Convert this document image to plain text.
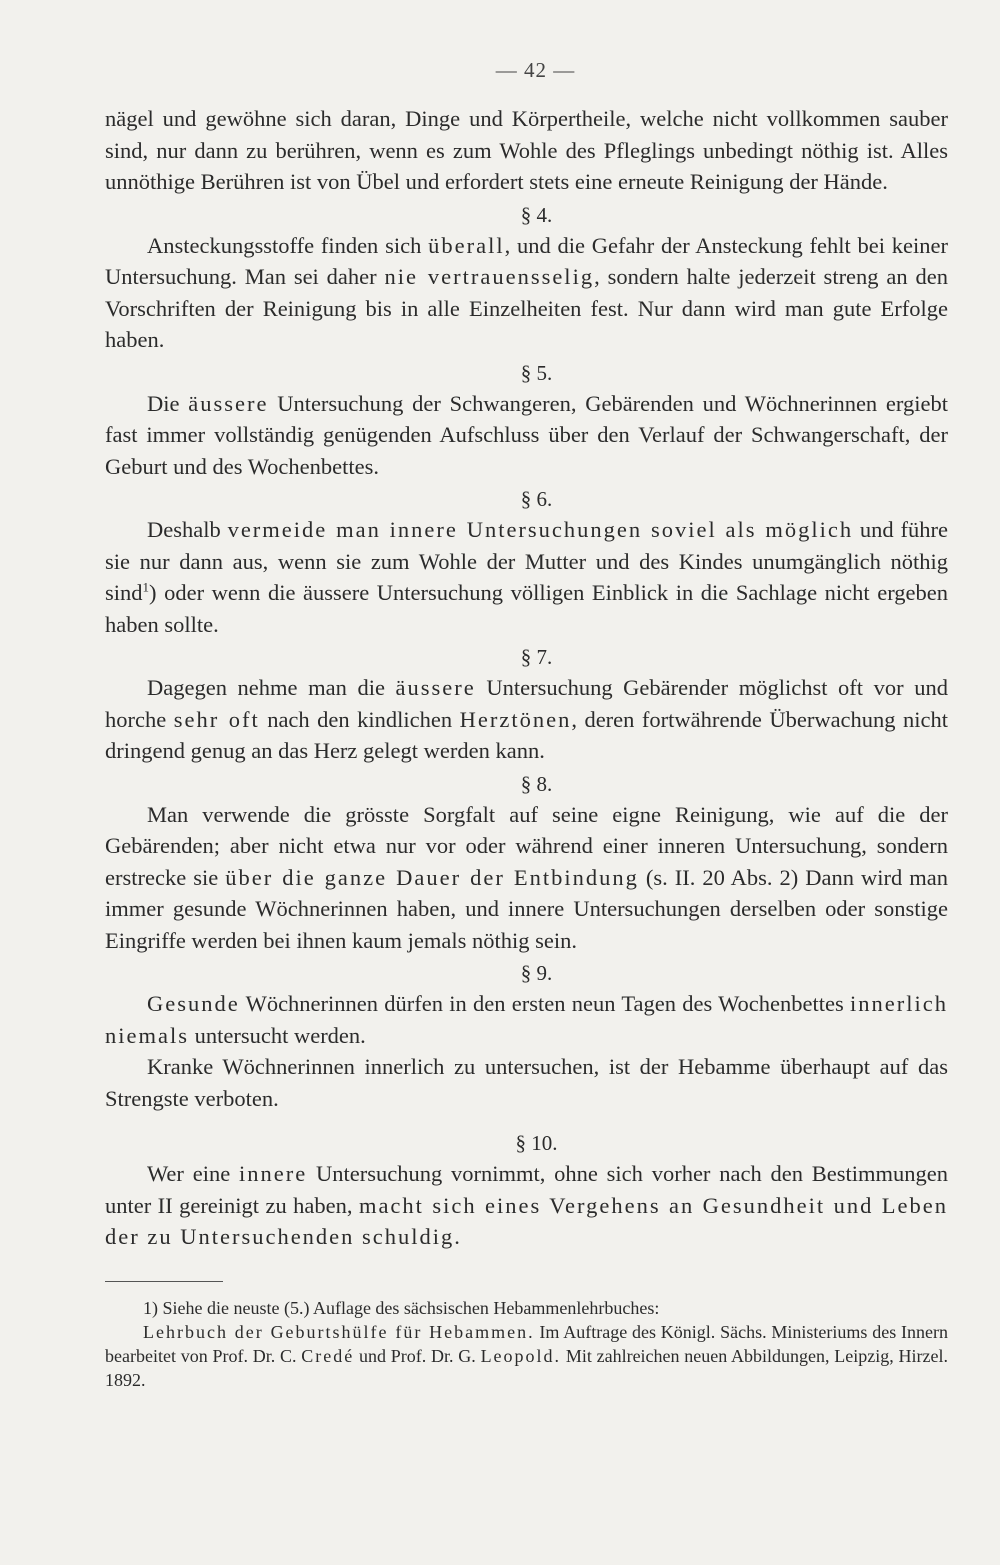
— 42 —

nägel und gewöhne sich daran, Dinge und Körpertheile, welche nicht vollkommen sauber sind, nur dann zu berühren, wenn es zum Wohle des Pfleglings unbedingt nöthig ist. Alles unnöthige Berühren ist von Übel und erfordert stets eine erneute Reinigung der Hände.

§ 4.

Ansteckungsstoffe finden sich überall, und die Gefahr der Ansteckung fehlt bei keiner Untersuchung. Man sei daher nie vertrauensselig, sondern halte jederzeit streng an den Vorschriften der Reinigung bis in alle Einzelheiten fest. Nur dann wird man gute Erfolge haben.

§ 5.

Die äussere Untersuchung der Schwangeren, Gebärenden und Wöchnerinnen ergiebt fast immer vollständig genügenden Aufschluss über den Verlauf der Schwangerschaft, der Geburt und des Wochenbettes.

§ 6.

Deshalb vermeide man innere Untersuchungen soviel als möglich und führe sie nur dann aus, wenn sie zum Wohle der Mutter und des Kindes unumgänglich nöthig sind$^1$) oder wenn die äussere Untersuchung völligen Einblick in die Sachlage nicht ergeben haben sollte.

§ 7.

Dagegen nehme man die äussere Untersuchung Gebärender möglichst oft vor und horche sehr oft nach den kindlichen Herztönen, deren fortwährende Überwachung nicht dringend genug an das Herz gelegt werden kann.

§ 8.

Man verwende die grösste Sorgfalt auf seine eigne Reinigung, wie auf die der Gebärenden; aber nicht etwa nur vor oder während einer inneren Untersuchung, sondern erstrecke sie über die ganze Dauer der Entbindung (s. II. 20 Abs. 2) Dann wird man immer gesunde Wöchnerinnen haben, und innere Untersuchungen derselben oder sonstige Eingriffe werden bei ihnen kaum jemals nöthig sein.

§ 9.

Gesunde Wöchnerinnen dürfen in den ersten neun Tagen des Wochenbettes innerlich niemals untersucht werden.

Kranke Wöchnerinnen innerlich zu untersuchen, ist der Hebamme überhaupt auf das Strengste verboten.

§ 10.

Wer eine innere Untersuchung vornimmt, ohne sich vorher nach den Bestimmungen unter II gereinigt zu haben, macht sich eines Vergehens an Gesundheit und Leben der zu Untersuchenden schuldig.

1) Siehe die neuste (5.) Auflage des sächsischen Hebammenlehrbuches:
Lehrbuch der Geburtshülfe für Hebammen. Im Auftrage des Königl. Sächs. Ministeriums des Innern bearbeitet von Prof. Dr. C. Credé und Prof. Dr. G. Leopold. Mit zahlreichen neuen Abbildungen, Leipzig, Hirzel. 1892.
